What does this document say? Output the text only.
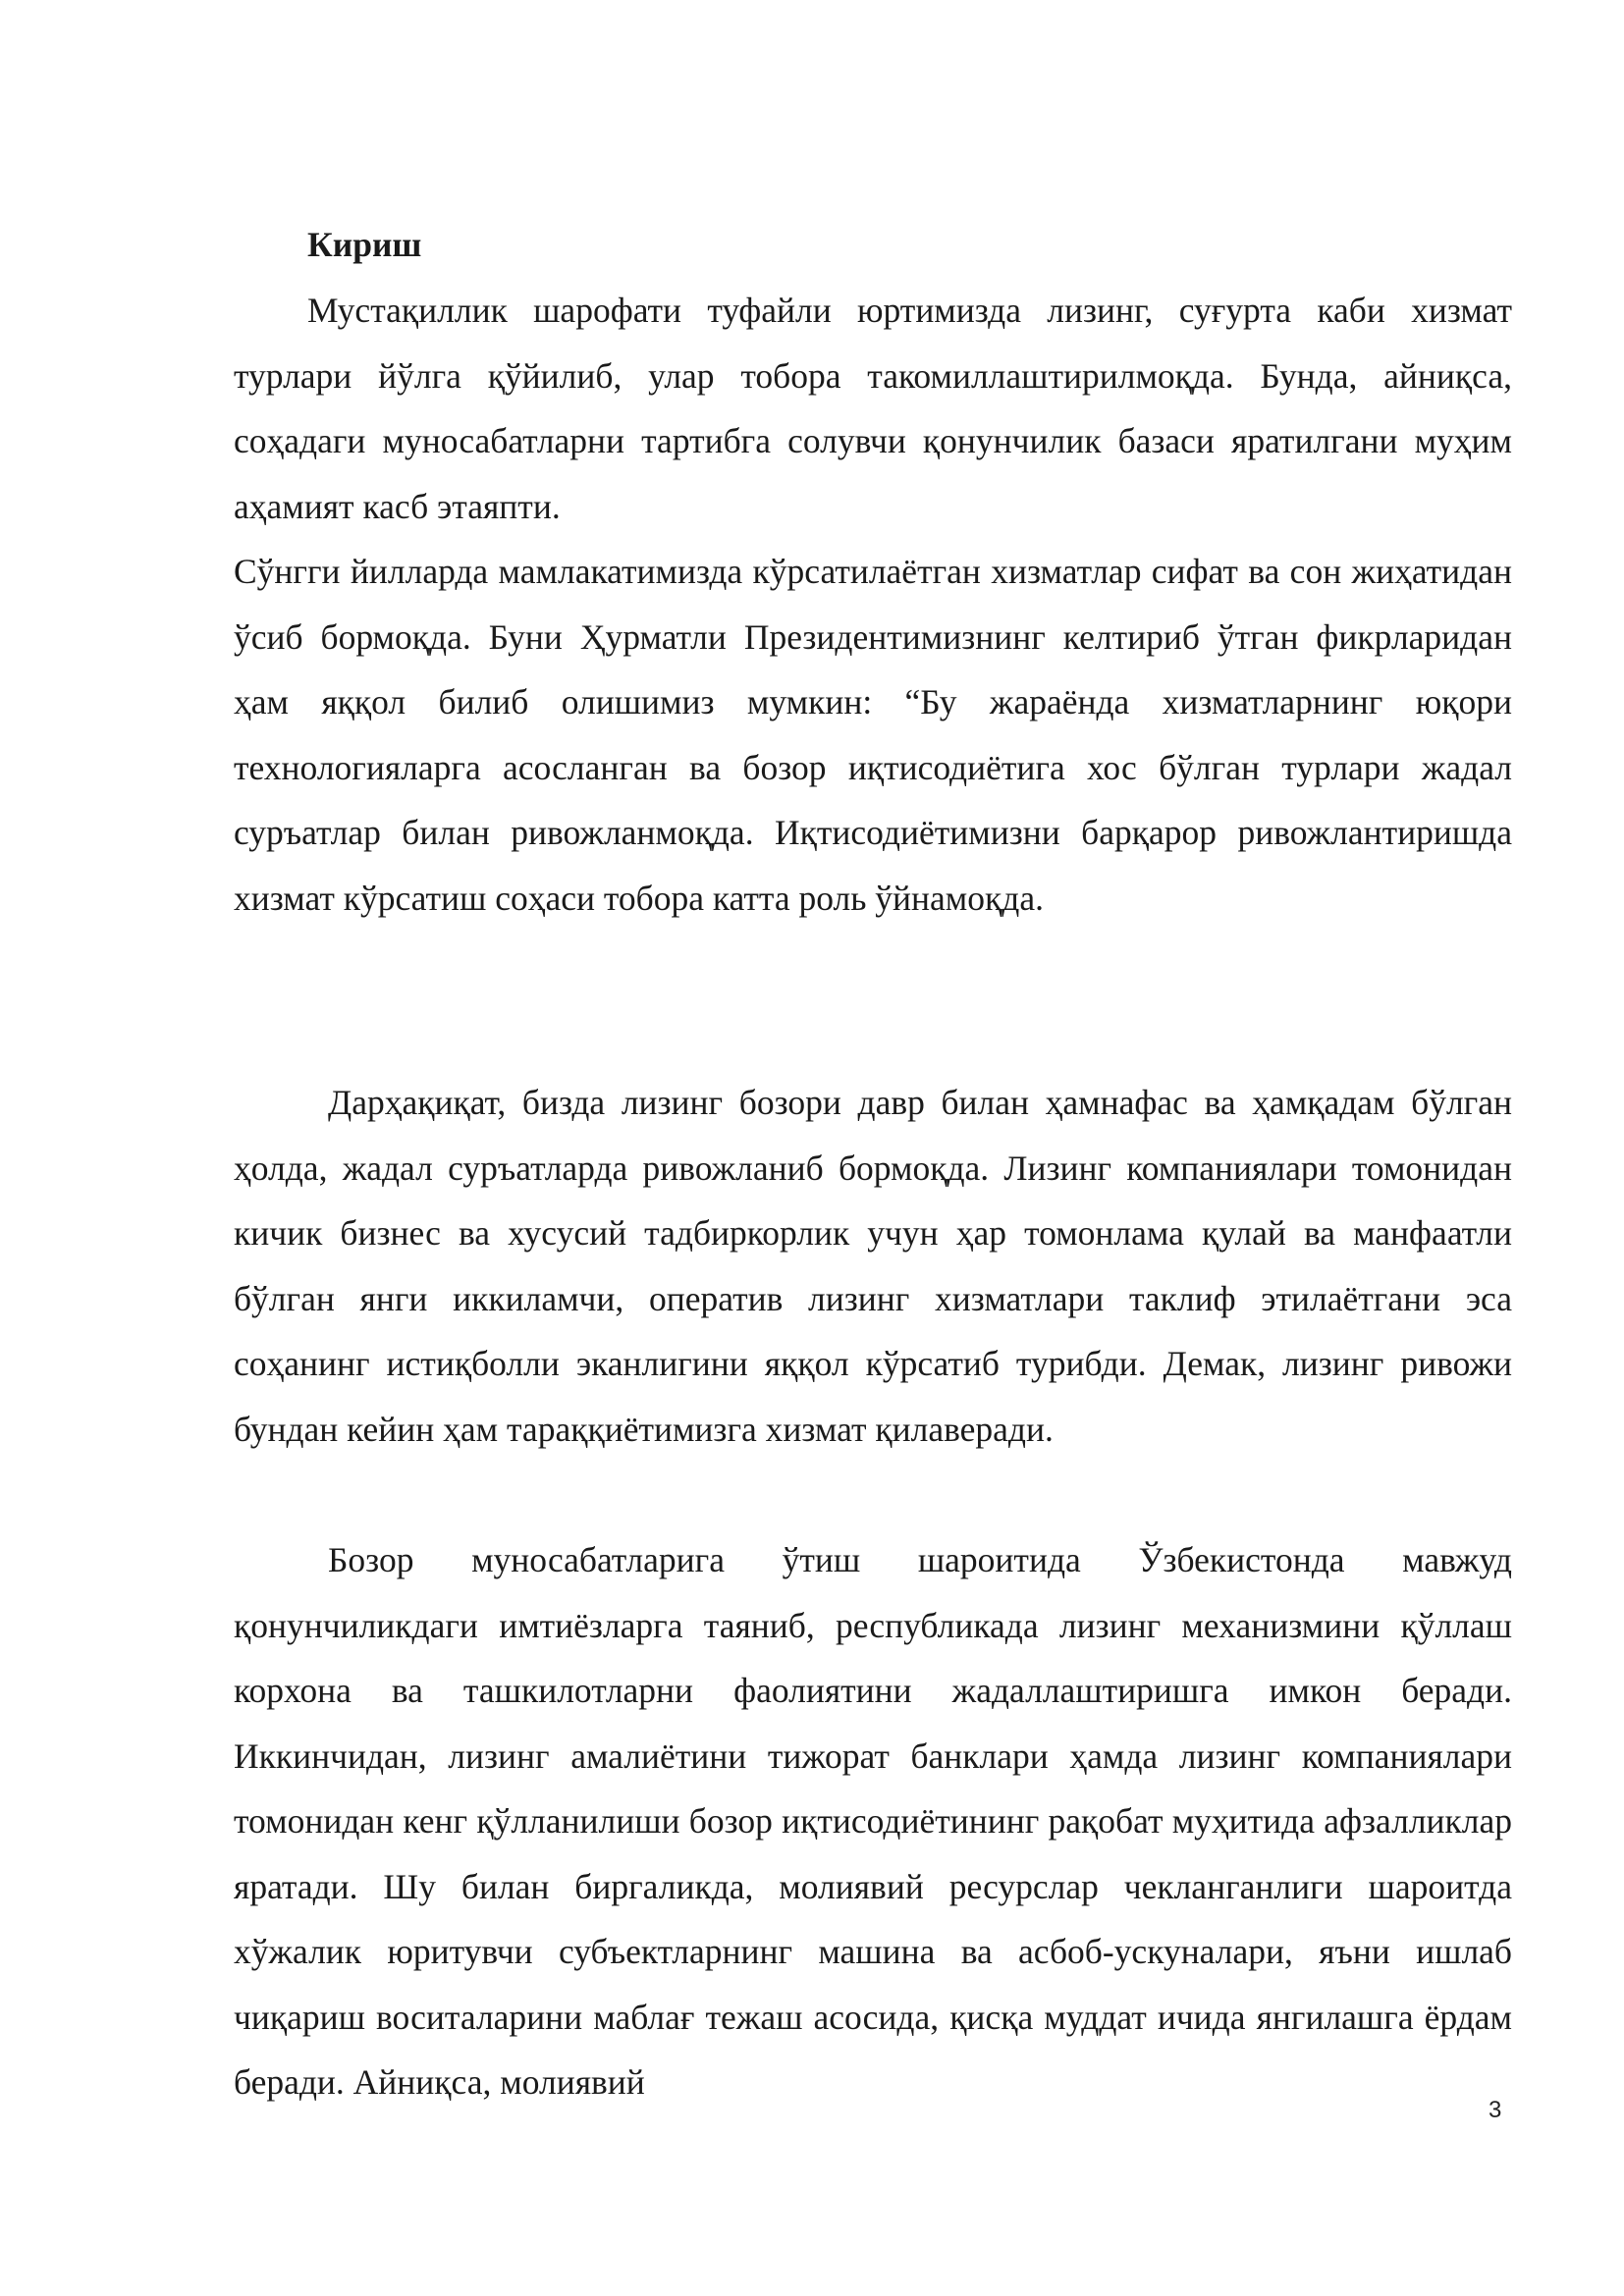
Кириш

Мустақиллик шарофати туфайли юртимизда лизинг, суғурта каби хизмат турлари йўлга қўйилиб, улар тобора такомиллаштирилмоқда. Бунда, айниқса, соҳадаги муносабатларни тартибга солувчи қонунчилик базаси яратилгани муҳим аҳамият касб этаяпти.

Сўнгги йилларда мамлакатимизда кўрсатилаётган хизматлар сифат ва сон жиҳатидан ўсиб бормоқда. Буни Ҳурматли Президентимизнинг келтириб ўтган фикрларидан ҳам яққол билиб олишимиз мумкин: “Бу жараёнда хизматларнинг юқори технологияларга асосланган ва бозор иқтисодиётига хос бўлган турлари жадал суръатлар билан ривожланмоқда. Иқтисодиётимизни барқарор ривожлантиришда хизмат кўрсатиш соҳаси тобора катта роль ўйнамоқда.

Дарҳақиқат, бизда лизинг бозори давр билан ҳамнафас ва ҳамқадам бўлган ҳолда, жадал суръатларда ривожланиб бормоқда. Лизинг компаниялари томонидан кичик бизнес ва хусусий тадбиркорлик учун ҳар томонлама қулай ва манфаатли бўлган янги иккиламчи, оператив лизинг хизматлари таклиф этилаётгани эса соҳанинг истиқболли эканлигини яққол кўрсатиб турибди. Демак, лизинг ривожи бундан кейин ҳам тараққиётимизга хизмат қилаверади.

Бозор муносабатларига ўтиш шароитида Ўзбекистонда мавжуд қонунчиликдаги имтиёзларга таяниб, республикада лизинг механизмини қўллаш корхона ва ташкилотларни фаолиятини жадаллаштиришга имкон беради. Иккинчидан, лизинг амалиётини тижорат банклари ҳамда лизинг компаниялари томонидан кенг қўлланилиши бозор иқтисодиётининг рақобат муҳитида афзалликлар яратади. Шу билан биргаликда, молиявий ресурслар чекланганлиги шароитда хўжалик юритувчи субъектларнинг машина ва асбоб-ускуналари, яъни ишлаб чиқариш воситаларини маблағ тежаш асосида, қисқа муддат ичида янгилашга ёрдам беради. Айниқса, молиявий

3
